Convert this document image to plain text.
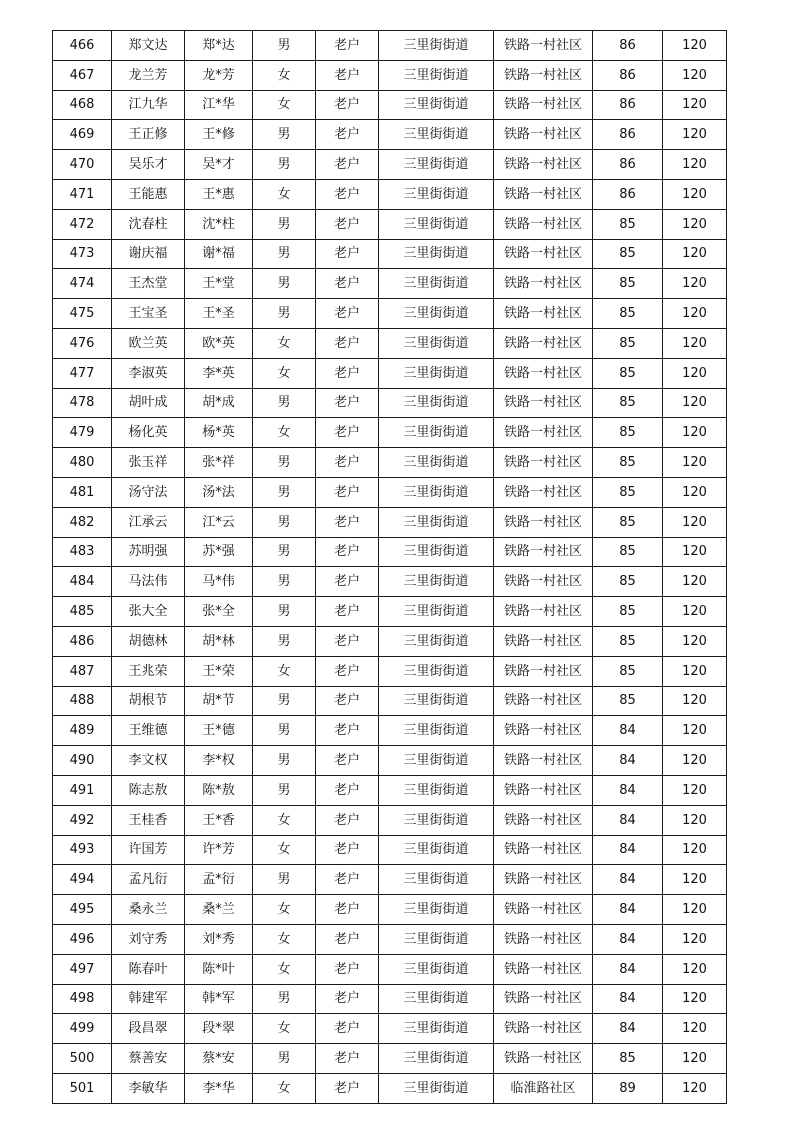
466	郑文达	郑*达	男	老户	三里街街道	铁路一村社区	86	120
467	龙兰芳	龙*芳	女	老户	三里街街道	铁路一村社区	86	120
468	江九华	江*华	女	老户	三里街街道	铁路一村社区	86	120
469	王正修	王*修	男	老户	三里街街道	铁路一村社区	86	120
470	吴乐才	吴*才	男	老户	三里街街道	铁路一村社区	86	120
471	王能惠	王*惠	女	老户	三里街街道	铁路一村社区	86	120
472	沈春柱	沈*柱	男	老户	三里街街道	铁路一村社区	85	120
473	谢庆福	谢*福	男	老户	三里街街道	铁路一村社区	85	120
474	王杰堂	王*堂	男	老户	三里街街道	铁路一村社区	85	120
475	王宝圣	王*圣	男	老户	三里街街道	铁路一村社区	85	120
476	欧兰英	欧*英	女	老户	三里街街道	铁路一村社区	85	120
477	李淑英	李*英	女	老户	三里街街道	铁路一村社区	85	120
478	胡叶成	胡*成	男	老户	三里街街道	铁路一村社区	85	120
479	杨化英	杨*英	女	老户	三里街街道	铁路一村社区	85	120
480	张玉祥	张*祥	男	老户	三里街街道	铁路一村社区	85	120
481	汤守法	汤*法	男	老户	三里街街道	铁路一村社区	85	120
482	江承云	江*云	男	老户	三里街街道	铁路一村社区	85	120
483	苏明强	苏*强	男	老户	三里街街道	铁路一村社区	85	120
484	马法伟	马*伟	男	老户	三里街街道	铁路一村社区	85	120
485	张大全	张*全	男	老户	三里街街道	铁路一村社区	85	120
486	胡德林	胡*林	男	老户	三里街街道	铁路一村社区	85	120
487	王兆荣	王*荣	女	老户	三里街街道	铁路一村社区	85	120
488	胡根节	胡*节	男	老户	三里街街道	铁路一村社区	85	120
489	王维德	王*德	男	老户	三里街街道	铁路一村社区	84	120
490	李文权	李*权	男	老户	三里街街道	铁路一村社区	84	120
491	陈志敖	陈*敖	男	老户	三里街街道	铁路一村社区	84	120
492	王桂香	王*香	女	老户	三里街街道	铁路一村社区	84	120
493	许国芳	许*芳	女	老户	三里街街道	铁路一村社区	84	120
494	孟凡衍	孟*衍	男	老户	三里街街道	铁路一村社区	84	120
495	桑永兰	桑*兰	女	老户	三里街街道	铁路一村社区	84	120
496	刘守秀	刘*秀	女	老户	三里街街道	铁路一村社区	84	120
497	陈春叶	陈*叶	女	老户	三里街街道	铁路一村社区	84	120
498	韩建军	韩*军	男	老户	三里街街道	铁路一村社区	84	120
499	段昌翠	段*翠	女	老户	三里街街道	铁路一村社区	84	120
500	蔡善安	蔡*安	男	老户	三里街街道	铁路一村社区	85	120
501	李敏华	李*华	女	老户	三里街街道	临淮路社区	89	120
